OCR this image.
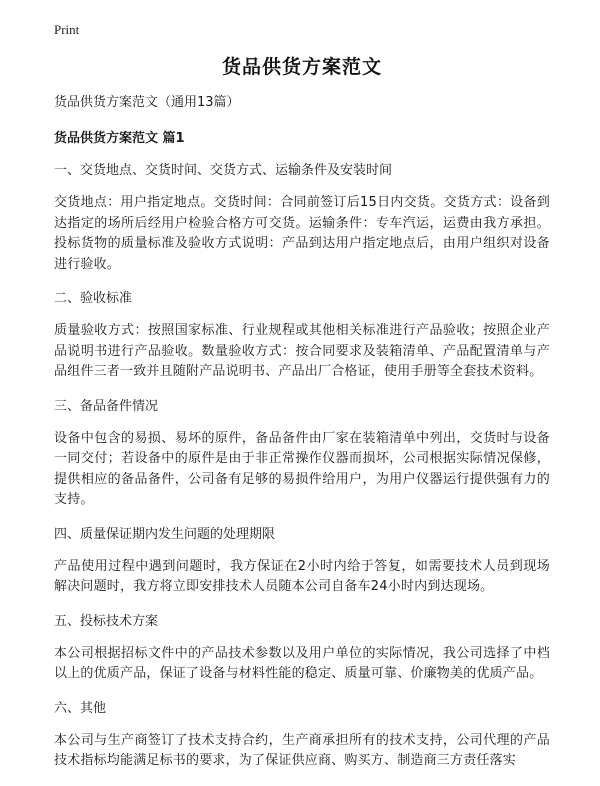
Print
货品供货方案范文

货品供货方案范文（通用13篇）

货品供货方案范文 篇1

一、交货地点、交货时间、交货方式、运输条件及安装时间

交货地点：用户指定地点。交货时间：合同前签订后15日内交货。交货方式：设备到达指定的场所后经用户检验合格方可交货。运输条件：专车汽运，运费由我方承担。投标货物的质量标准及验收方式说明：产品到达用户指定地点后，由用户组织对设备进行验收。

二、验收标准

质量验收方式：按照国家标准、行业规程或其他相关标准进行产品验收；按照企业产品说明书进行产品验收。数量验收方式：按合同要求及装箱清单、产品配置清单与产品组件三者一致并且随附产品说明书、产品出厂合格证，使用手册等全套技术资料。

三、备品备件情况

设备中包含的易损、易坏的原件，备品备件由厂家在装箱清单中列出，交货时与设备一同交付；若设备中的原件是由于非正常操作仪器而损坏，公司根据实际情况保修，提供相应的备品备件，公司备有足够的易损件给用户，为用户仪器运行提供强有力的支持。

四、质量保证期内发生问题的处理期限

产品使用过程中遇到问题时，我方保证在2小时内给于答复，如需要技术人员到现场解决问题时，我方将立即安排技术人员随本公司自备车24小时内到达现场。

五、投标技术方案

本公司根据招标文件中的产品技术参数以及用户单位的实际情况，我公司选择了中档以上的优质产品，保证了设备与材料性能的稳定、质量可靠、价廉物美的优质产品。

六、其他

本公司与生产商签订了技术支持合约，生产商承担所有的技术支持，公司代理的产品技术指标均能满足标书的要求，为了保证供应商、购买方、制造商三方责任落实
